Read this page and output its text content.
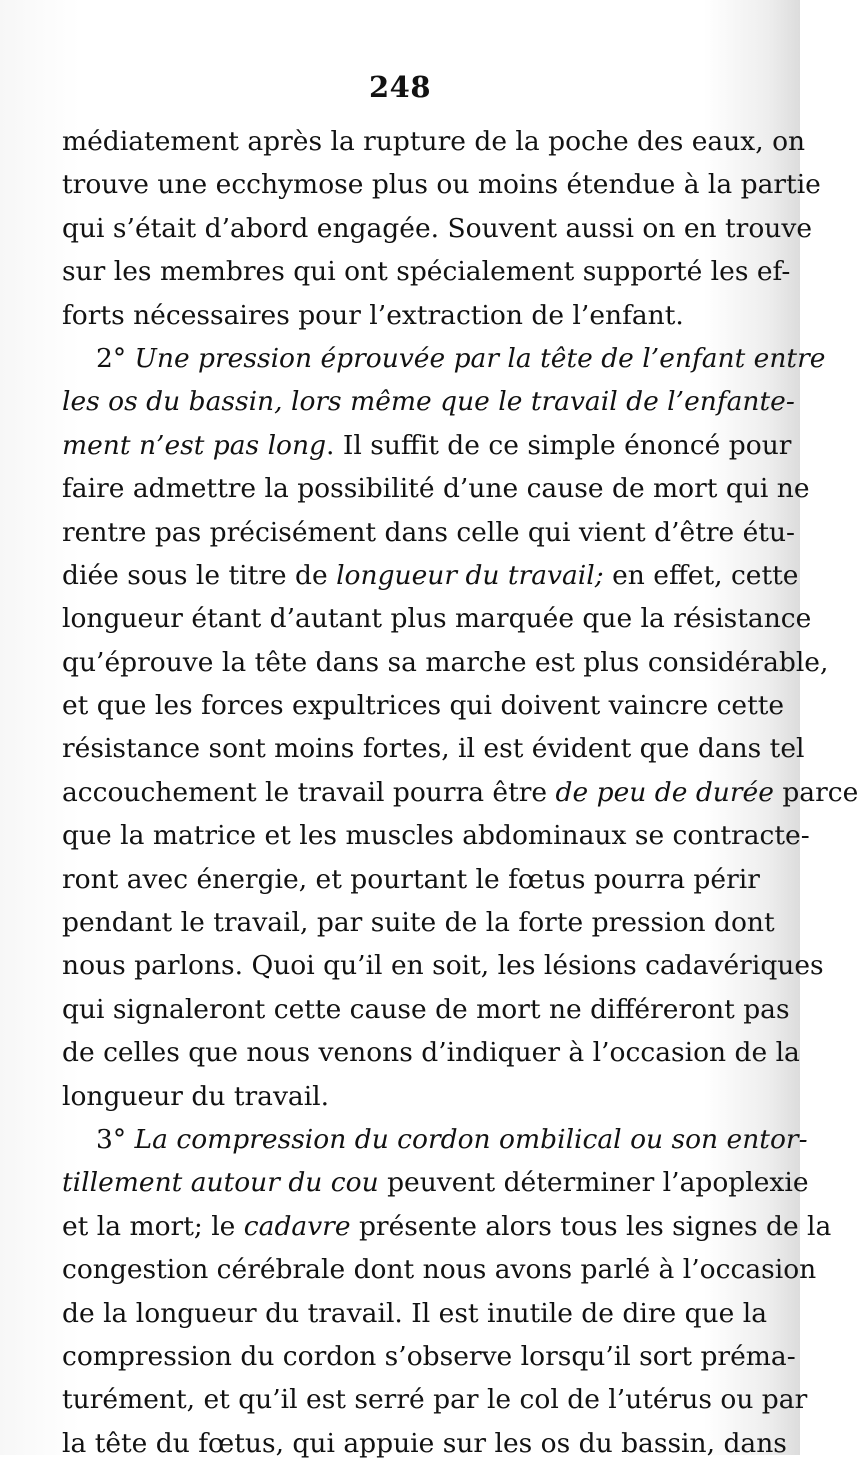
248
médiatement après la rupture de la poche des eaux, on
trouve une ecchymose plus ou moins étendue à la partie
qui s’était d’abord engagée. Souvent aussi on en trouve
sur les membres qui ont spécialement supporté les ef-
forts nécessaires pour l’extraction de l’enfant.
2° Une pression éprouvée par la tête de l’enfant entre
les os du bassin, lors même que le travail de l’enfante-
ment n’est pas long. Il suffit de ce simple énoncé pour
faire admettre la possibilité d’une cause de mort qui ne
rentre pas précisément dans celle qui vient d’être étu-
diée sous le titre de longueur du travail; en effet, cette
longueur étant d’autant plus marquée que la résistance
qu’éprouve la tête dans sa marche est plus considérable,
et que les forces expultrices qui doivent vaincre cette
résistance sont moins fortes, il est évident que dans tel
accouchement le travail pourra être de peu de durée parce
que la matrice et les muscles abdominaux se contracte-
ront avec énergie, et pourtant le fœtus pourra périr
pendant le travail, par suite de la forte pression dont
nous parlons. Quoi qu’il en soit, les lésions cadavériques
qui signaleront cette cause de mort ne différeront pas
de celles que nous venons d’indiquer à l’occasion de la
longueur du travail.
3° La compression du cordon ombilical ou son entor-
tillement autour du cou peuvent déterminer l’apoplexie
et la mort; le cadavre présente alors tous les signes de la
congestion cérébrale dont nous avons parlé à l’occasion
de la longueur du travail. Il est inutile de dire que la
compression du cordon s’observe lorsqu’il sort préma-
turément, et qu’il est serré par le col de l’utérus ou par
la tête du fœtus, qui appuie sur les os du bassin, dans
